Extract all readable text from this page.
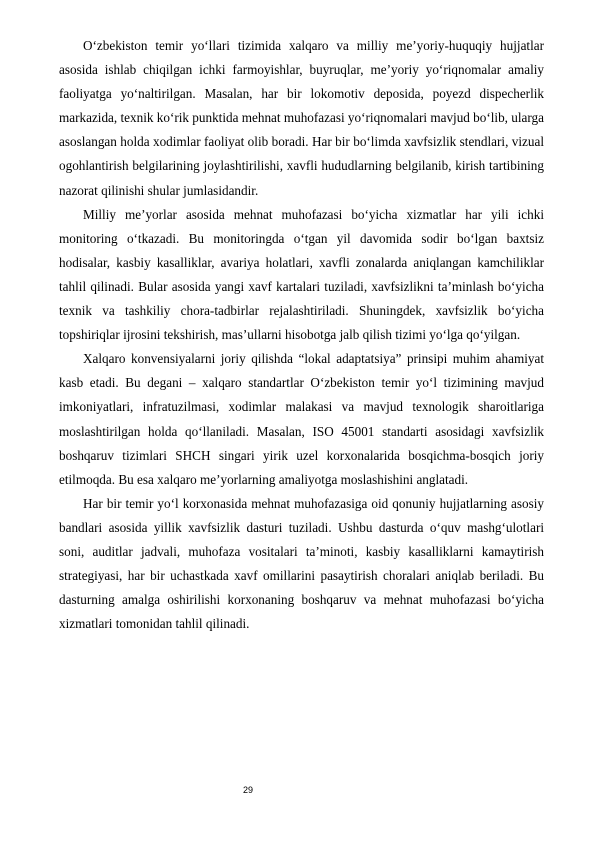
O‘zbekiston temir yo‘llari tizimida xalqaro va milliy me’yoriy-huquqiy hujjatlar asosida ishlab chiqilgan ichki farmoyishlar, buyruqlar, me’yoriy yo‘riqnomalar amaliy faoliyatga yo‘naltirilgan. Masalan, har bir lokomotiv deposida, poyezd dispecherlik markazida, texnik ko‘rik punktida mehnat muhofazasi yo‘riqnomalari mavjud bo‘lib, ularga asoslangan holda xodimlar faoliyat olib boradi. Har bir bo‘limda xavfsizlik stendlari, vizual ogohlantirish belgilarining joylashtirilishi, xavfli hududlarning belgilanib, kirish tartibining nazorat qilinishi shular jumlasidandir.

Milliy me’yorlar asosida mehnat muhofazasi bo‘yicha xizmatlar har yili ichki monitoring o‘tkazadi. Bu monitoringda o‘tgan yil davomida sodir bo‘lgan baxtsiz hodisalar, kasbiy kasalliklar, avariya holatlari, xavfli zonalarda aniqlangan kamchiliklar tahlil qilinadi. Bular asosida yangi xavf kartalari tuziladi, xavfsizlikni ta’minlash bo‘yicha texnik va tashkiliy chora-tadbirlar rejalashtiriladi. Shuningdek, xavfsizlik bo‘yicha topshiriqlar ijrosini tekshirish, mas’ullarni hisobotga jalb qilish tizimi yo‘lga qo‘yilgan.

Xalqaro konvensiyalarni joriy qilishda “lokal adaptatsiya” prinsipi muhim ahamiyat kasb etadi. Bu degani – xalqaro standartlar O‘zbekiston temir yo‘l tizimining mavjud imkoniyatlari, infratuzilmasi, xodimlar malakasi va mavjud texnologik sharoitlariga moslashtirilgan holda qo‘llaniladi. Masalan, ISO 45001 standarti asosidagi xavfsizlik boshqaruv tizimlari SHCH singari yirik uzel korxonalarida bosqichma-bosqich joriy etilmoqda. Bu esa xalqaro me’yorlarning amaliyotga moslashishini anglatadi.

Har bir temir yo‘l korxonasida mehnat muhofazasiga oid qonuniy hujjatlarning asosiy bandlari asosida yillik xavfsizlik dasturi tuziladi. Ushbu dasturda o‘quv mashg‘ulotlari soni, auditlar jadvali, muhofaza vositalari ta’minoti, kasbiy kasalliklarni kamaytirish strategiyasi, har bir uchastkada xavf omillarini pasaytirish choralari aniqlab beriladi. Bu dasturning amalga oshirilishi korxonaning boshqaruv va mehnat muhofazasi bo‘yicha xizmatlari tomonidan tahlil qilinadi.

29
